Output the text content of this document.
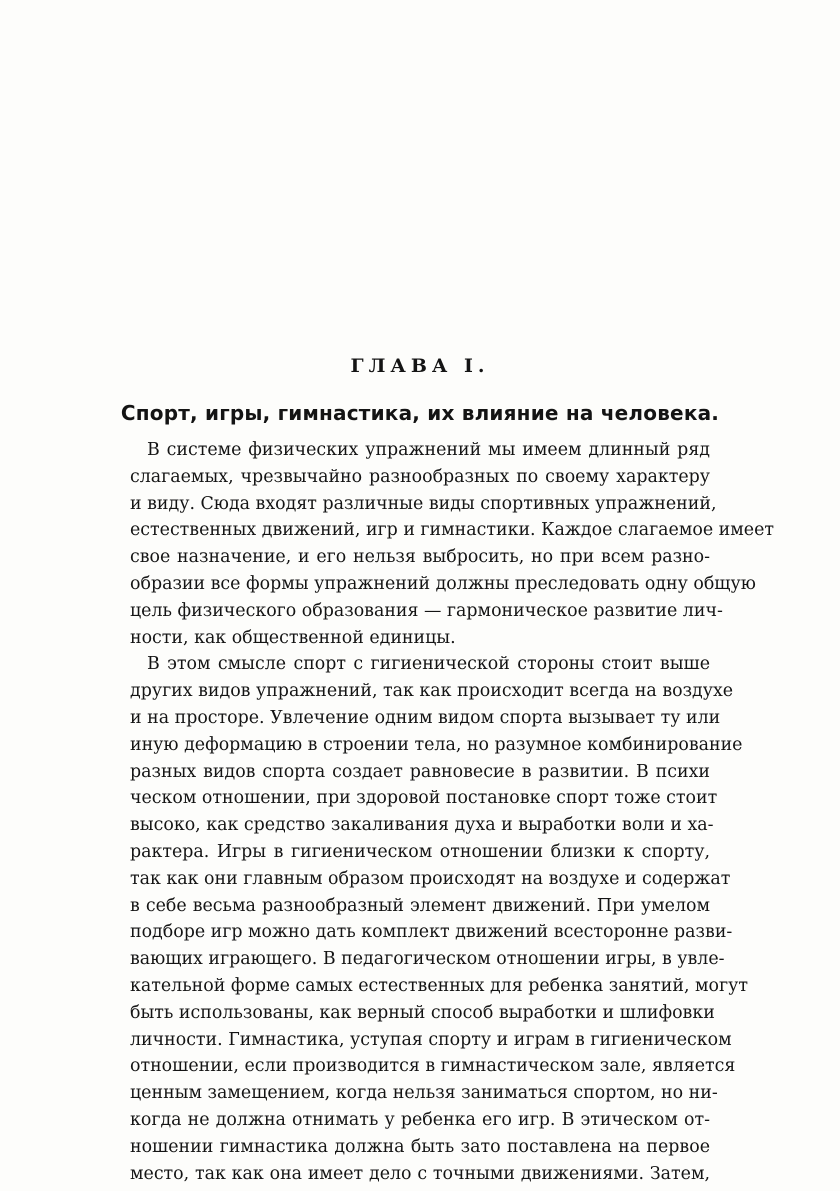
ГЛАВА I.
Спорт, игры, гимнастика, их влияние на человека.
В системе физических упражнений мы имеем длинный ряд
слагаемых, чрезвычайно разнообразных по своему характеру
и виду. Сюда входят различные виды спортивных упражнений,
естественных движений, игр и гимнастики. Каждое слагаемое имеет
свое назначение, и его нельзя выбросить, но при всем разно-
образии все формы упражнений должны преследовать одну общую
цель физического образования — гармоническое развитие лич-
ности, как общественной единицы.
В этом смысле спорт с гигиенической стороны стоит выше
других видов упражнений, так как происходит всегда на воздухе
и на просторе. Увлечение одним видом спорта вызывает ту или
иную деформацию в строении тела, но разумное комбинирование
разных видов спорта создает равновесие в развитии. В психи
ческом отношении, при здоровой постановке спорт тоже стоит
высоко, как средство закаливания духа и выработки воли и ха-
рактера. Игры в гигиеническом отношении близки к спорту,
так как они главным образом происходят на воздухе и содержат
в себе весьма разнообразный элемент движений. При умелом
подборе игр можно дать комплект движений всесторонне разви-
вающих играющего. В педагогическом отношении игры, в увле-
кательной форме самых естественных для ребенка занятий, могут
быть использованы, как верный способ выработки и шлифовки
личности. Гимнастика, уступая спорту и играм в гигиеническом
отношении, если производится в гимнастическом зале, является
ценным замещением, когда нельзя заниматься спортом, но ни-
когда не должна отнимать у ребенка его игр. В этическом от-
ношении гимнастика должна быть зато поставлена на первое
место, так как она имеет дело с точными движениями. Затем,
